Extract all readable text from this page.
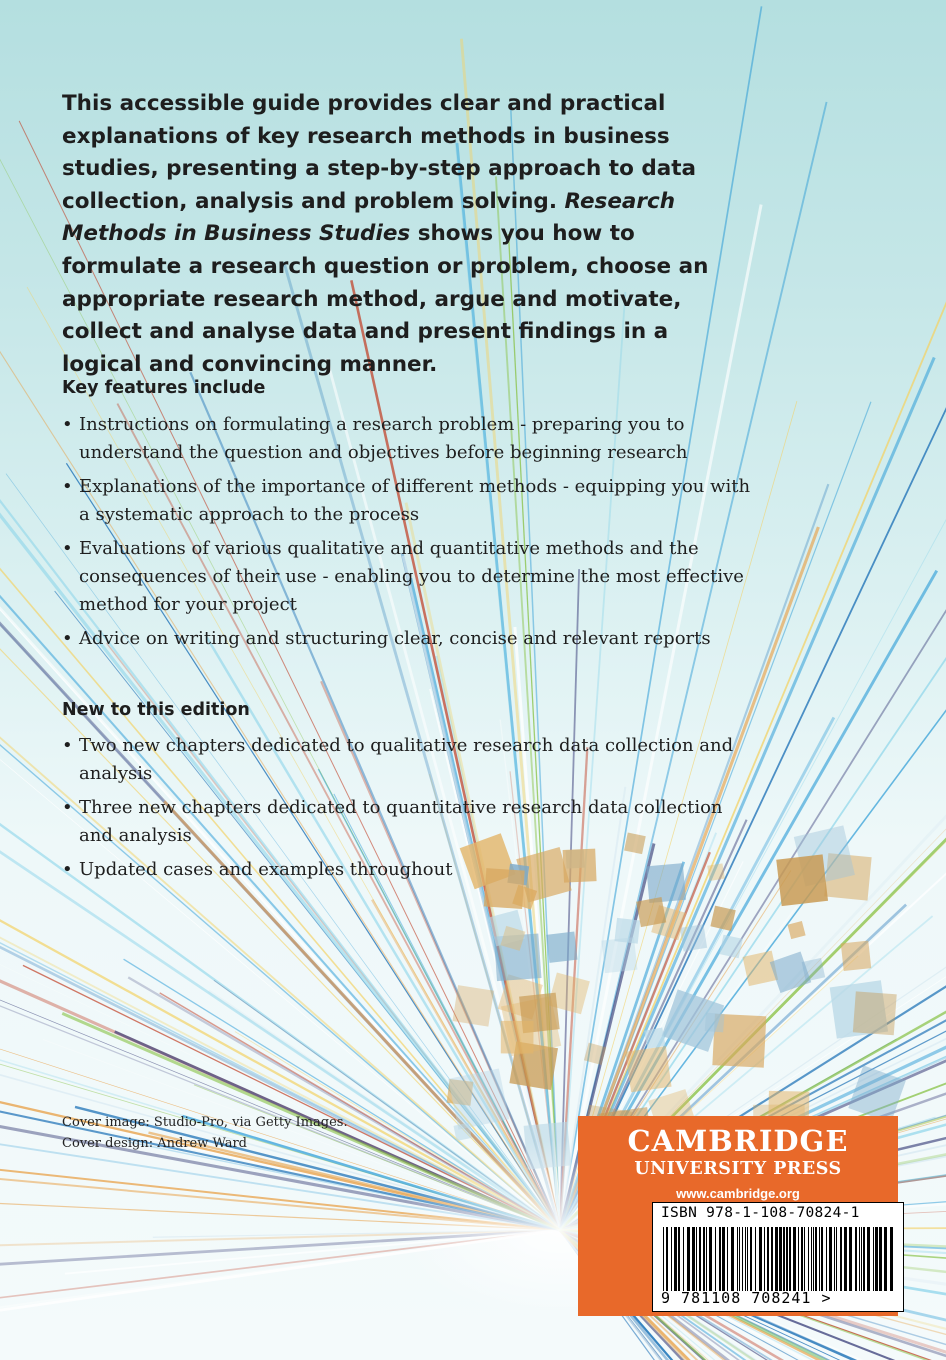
This accessible guide provides clear and practical explanations of key research methods in business studies, presenting a step-by-step approach to data collection, analysis and problem solving. Research Methods in Business Studies shows you how to formulate a research question or problem, choose an appropriate research method, argue and motivate, collect and analyse data and present findings in a logical and convincing manner.

Key features include
• Instructions on formulating a research problem - preparing you to understand the question and objectives before beginning research
• Explanations of the importance of different methods - equipping you with a systematic approach to the process
• Evaluations of various qualitative and quantitative methods and the consequences of their use - enabling you to determine the most effective method for your project
• Advice on writing and structuring clear, concise and relevant reports
New to this edition
• Two new chapters dedicated to qualitative research data collection and analysis
• Three new chapters dedicated to quantitative research data collection and analysis
• Updated cases and examples throughout
Cover image: Studio-Pro, via Getty Images.
Cover design: Andrew Ward	CAMBRIDGE
UNIVERSITY PRESS
www.cambridge.org
ISBN 978-1-108-70824-1
9 781108 708241 >
